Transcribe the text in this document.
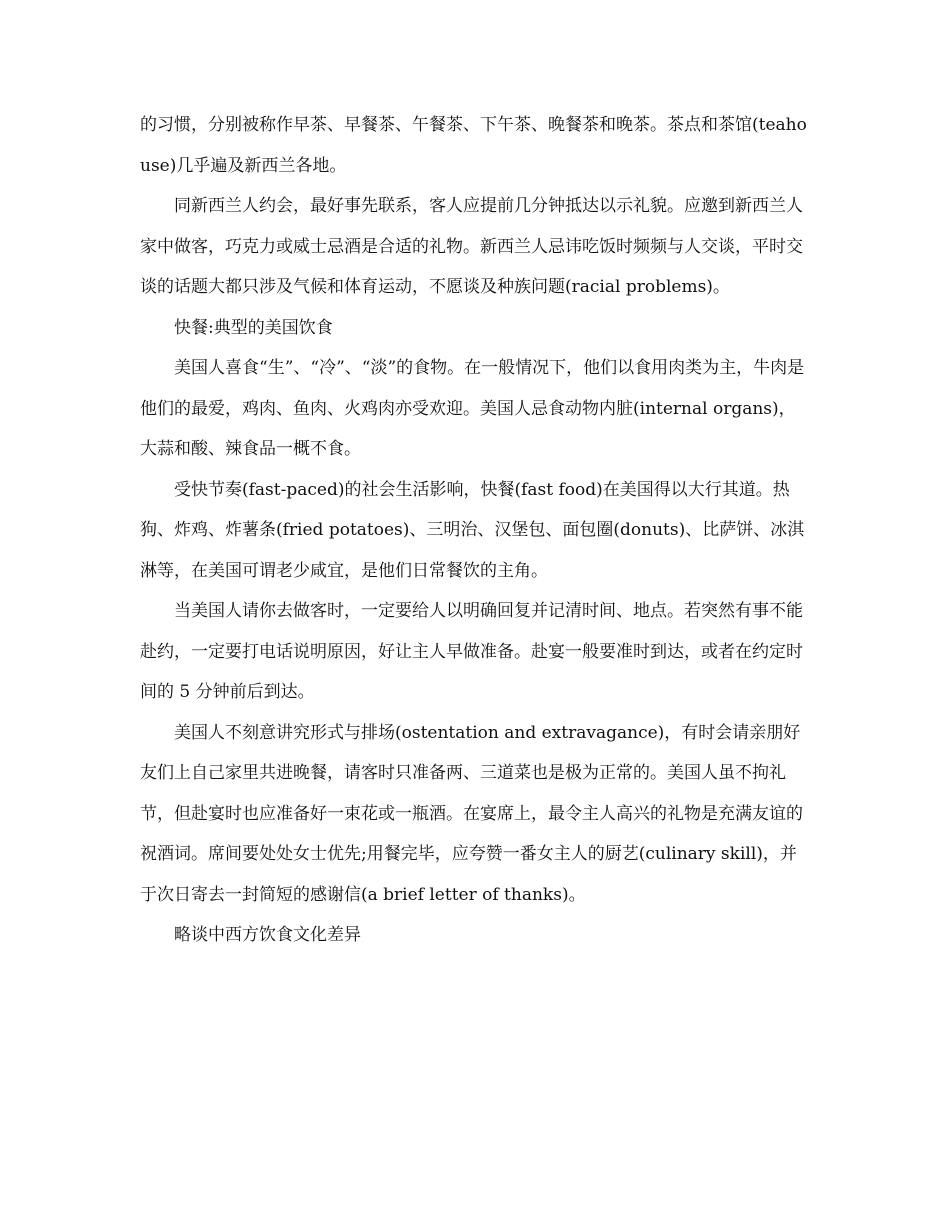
的习惯，分别被称作早茶、早餐茶、午餐茶、下午茶、晚餐茶和晚茶。茶点和茶馆(teahouse)几乎遍及新西兰各地。

同新西兰人约会，最好事先联系，客人应提前几分钟抵达以示礼貌。应邀到新西兰人家中做客，巧克力或威士忌酒是合适的礼物。新西兰人忌讳吃饭时频频与人交谈，平时交谈的话题大都只涉及气候和体育运动，不愿谈及种族问题(racial problems)。

快餐:典型的美国饮食

美国人喜食“生”、“冷”、“淡”的食物。在一般情况下，他们以食用肉类为主，牛肉是他们的最爱，鸡肉、鱼肉、火鸡肉亦受欢迎。美国人忌食动物内脏(internal organs)，大蒜和酸、辣食品一概不食。

受快节奏(fast-paced)的社会生活影响，快餐(fast food)在美国得以大行其道。热狗、炸鸡、炸薯条(fried potatoes)、三明治、汉堡包、面包圈(donuts)、比萨饼、冰淇淋等，在美国可谓老少咸宜，是他们日常餐饮的主角。

当美国人请你去做客时，一定要给人以明确回复并记清时间、地点。若突然有事不能赴约，一定要打电话说明原因，好让主人早做准备。赴宴一般要准时到达，或者在约定时间的 5 分钟前后到达。

美国人不刻意讲究形式与排场(ostentation and extravagance)，有时会请亲朋好友们上自己家里共进晚餐，请客时只准备两、三道菜也是极为正常的。美国人虽不拘礼节，但赴宴时也应准备好一束花或一瓶酒。在宴席上，最令主人高兴的礼物是充满友谊的祝酒词。席间要处处女士优先;用餐完毕，应夸赞一番女主人的厨艺(culinary skill)，并于次日寄去一封简短的感谢信(a brief letter of thanks)。

略谈中西方饮食文化差异
